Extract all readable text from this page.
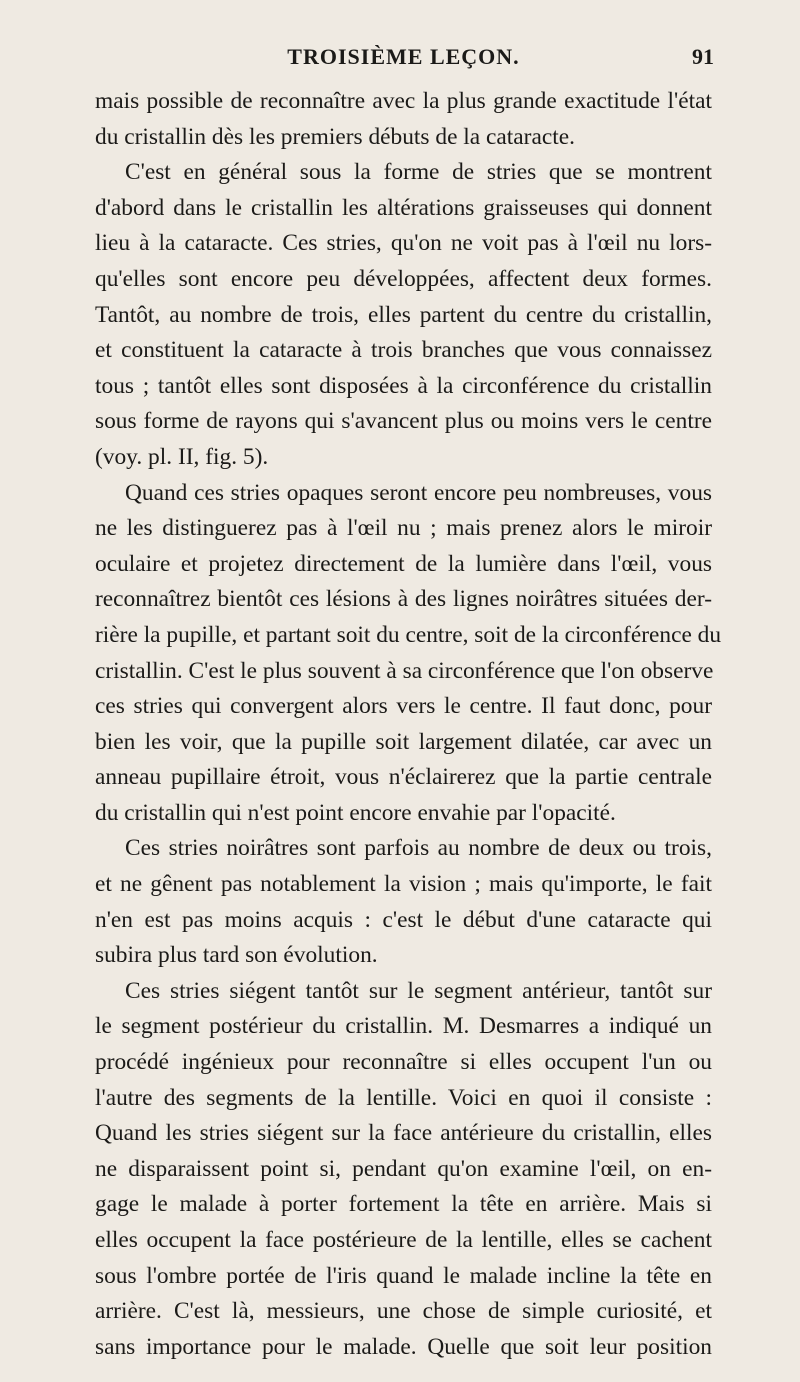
TROISIÈME LEÇON.	91
mais possible de reconnaître avec la plus grande exactitude l'état
du cristallin dès les premiers débuts de la cataracte.
C'est en général sous la forme de stries que se montrent
d'abord dans le cristallin les altérations graisseuses qui donnent
lieu à la cataracte. Ces stries, qu'on ne voit pas à l'œil nu lors-
qu'elles sont encore peu développées, affectent deux formes.
Tantôt, au nombre de trois, elles partent du centre du cristallin,
et constituent la cataracte à trois branches que vous connaissez
tous ; tantôt elles sont disposées à la circonférence du cristallin
sous forme de rayons qui s'avancent plus ou moins vers le centre
(voy. pl. II, fig. 5).
Quand ces stries opaques seront encore peu nombreuses, vous
ne les distinguerez pas à l'œil nu ; mais prenez alors le miroir
oculaire et projetez directement de la lumière dans l'œil, vous
reconnaîtrez bientôt ces lésions à des lignes noirâtres situées der-
rière la pupille, et partant soit du centre, soit de la circonférence du
cristallin. C'est le plus souvent à sa circonférence que l'on observe
ces stries qui convergent alors vers le centre. Il faut donc, pour
bien les voir, que la pupille soit largement dilatée, car avec un
anneau pupillaire étroit, vous n'éclairerez que la partie centrale
du cristallin qui n'est point encore envahie par l'opacité.
Ces stries noirâtres sont parfois au nombre de deux ou trois,
et ne gênent pas notablement la vision ; mais qu'importe, le fait
n'en est pas moins acquis : c'est le début d'une cataracte qui
subira plus tard son évolution.
Ces stries siégent tantôt sur le segment antérieur, tantôt sur
le segment postérieur du cristallin. M. Desmarres a indiqué un
procédé ingénieux pour reconnaître si elles occupent l'un ou
l'autre des segments de la lentille. Voici en quoi il consiste :
Quand les stries siégent sur la face antérieure du cristallin, elles
ne disparaissent point si, pendant qu'on examine l'œil, on en-
gage le malade à porter fortement la tête en arrière. Mais si
elles occupent la face postérieure de la lentille, elles se cachent
sous l'ombre portée de l'iris quand le malade incline la tête en
arrière. C'est là, messieurs, une chose de simple curiosité, et
sans importance pour le malade. Quelle que soit leur position
